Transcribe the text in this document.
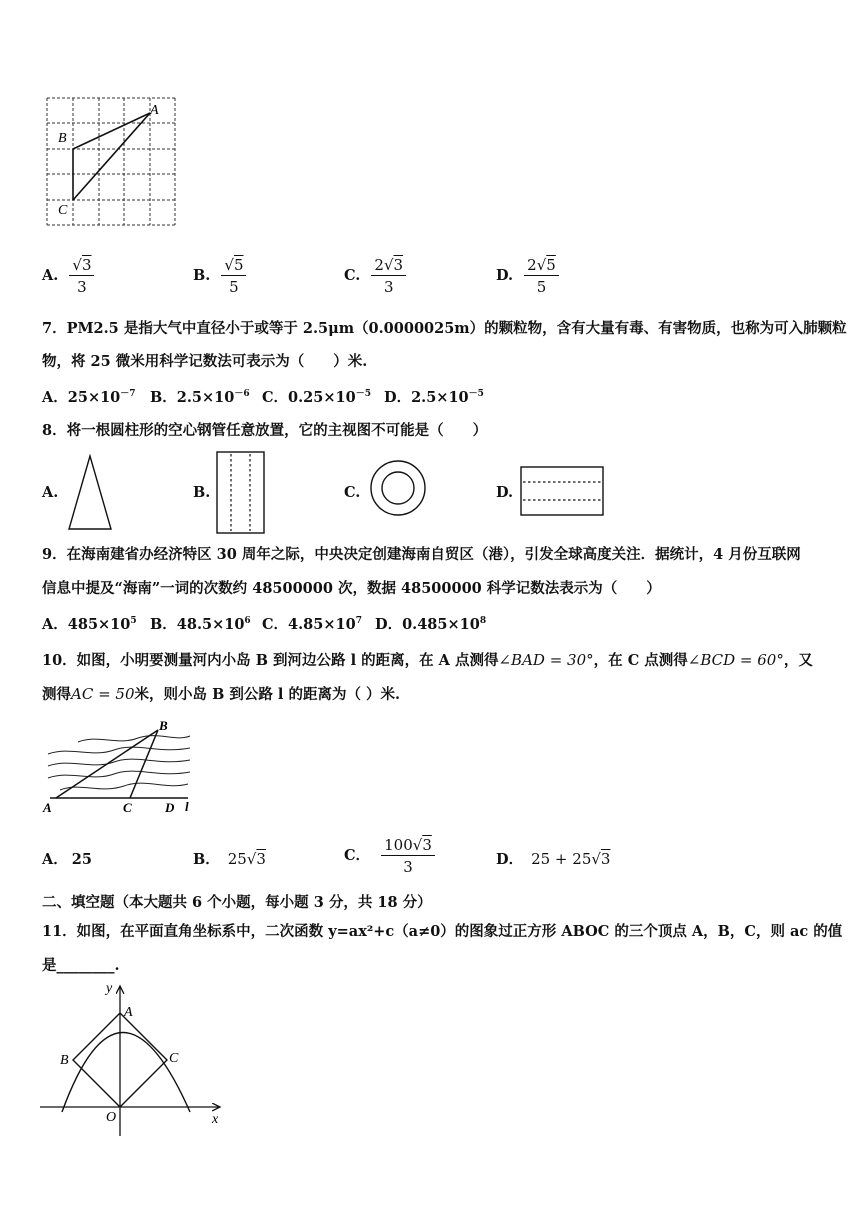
A
B
C
A. $\frac{√3}{3}$	B. $\frac{√5}{5}$	C. $\frac{2√3}{3}$	D. $\frac{2√5}{5}$
7．PM2.5 是指大气中直径小于或等于 2.5μm（0.0000025m）的颗粒物，含有大量有毒、有害物质，也称为可入肺颗粒
物，将 25 微米用科学记数法可表示为（　　）米.
A．$25\times 10^{-7}$ B．$2.5\times 10^{-6}$ C．$0.25\times 10^{-5}$ D．$2.5\times 10^{-5}$
8．将一根圆柱形的空心钢管任意放置，它的主视图不可能是（　　）
A.	B.	C.	D.
9．在海南建省办经济特区 30 周年之际，中央决定创建海南自贸区（港），引发全球高度关注．据统计，4 月份互联网
信息中提及“海南”一词的次数约 48500000 次，数据 48500000 科学记数法表示为（　　）
A．$485\times 10^5$ B．$48.5\times 10^6$ C．$4.85\times 10^7$ D．$0.485\times 10^8$
10．如图，小明要测量河内小岛 B 到河边公路 l 的距离，在 A 点测得∠BAD = 30°，在 C 点测得∠BCD = 60°，又
测得AC = 50米，则小岛 B 到公路 l 的距离为（ ）米.
A
B
C	D l
A． 25	B． 25√3	C． $\frac{100√3}{3}$	D． 25 + 25√3
二、填空题（本大题共 6 个小题，每小题 3 分，共 18 分）
11．如图，在平面直角坐标系中，二次函数 y=ax²+c（a≠0）的图象过正方形 ABOC 的三个顶点 A，B，C，则 ac 的值
是________.
y
x
A
B	C
O
